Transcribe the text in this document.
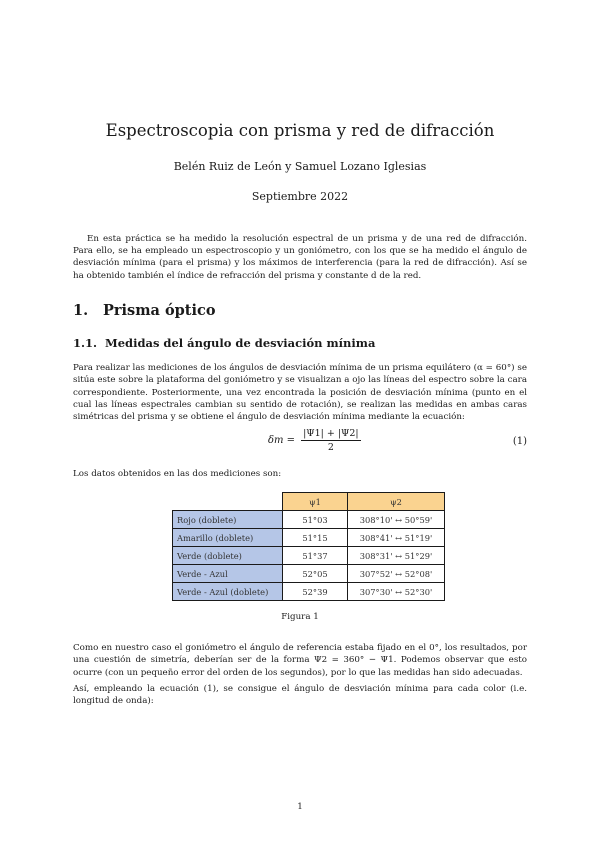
Espectroscopia con prisma y red de difracción
Belén Ruiz de León y Samuel Lozano Iglesias
Septiembre 2022

En esta práctica se ha medido la resolución espectral de un prisma y de una red de difracción. Para ello, se ha empleado un espectroscopio y un goniómetro, con los que se ha medido el ángulo de desviación mínima (para el prisma) y los máximos de interferencia (para la red de difracción). Así se ha obtenido también el índice de refracción del prisma y constante d de la red.

1. Prisma óptico
1.1. Medidas del ángulo de desviación mínima

Para realizar las mediciones de los ángulos de desviación mínima de un prisma equilátero (α = 60°) se sitúa este sobre la plataforma del goniómetro y se visualizan a ojo las líneas del espectro sobre la cara correspondiente. Posteriormente, una vez encontrada la posición de desviación mínima (punto en el cual las líneas espectrales cambian su sentido de rotación), se realizan las medidas en ambas caras simétricas del prisma y se obtiene el ángulo de desviación mínima mediante la ecuación:

$\delta m = \frac{|\Psi 1| + |\Psi 2|}{2}$	(1)

Los datos obtenidos en las dos mediciones son:

	ψ1	ψ2
Rojo (doblete)	51°03	308°10' ↔ 50°59'
Amarillo (doblete)	51°15	308°41' ↔ 51°19'
Verde (doblete)	51°37	308°31' ↔ 51°29'
Verde - Azul	52°05	307°52' ↔ 52°08'
Verde - Azul (doblete)	52°39	307°30' ↔ 52°30'
Figura 1

Como en nuestro caso el goniómetro el ángulo de referencia estaba fijado en el 0°, los resultados, por una cuestión de simetría, deberían ser de la forma Ψ2 = 360° − Ψ1. Podemos observar que esto ocurre (con un pequeño error del orden de los segundos), por lo que las medidas han sido adecuadas.

Así, empleando la ecuación (1), se consigue el ángulo de desviación mínima para cada color (i.e. longitud de onda):

1
